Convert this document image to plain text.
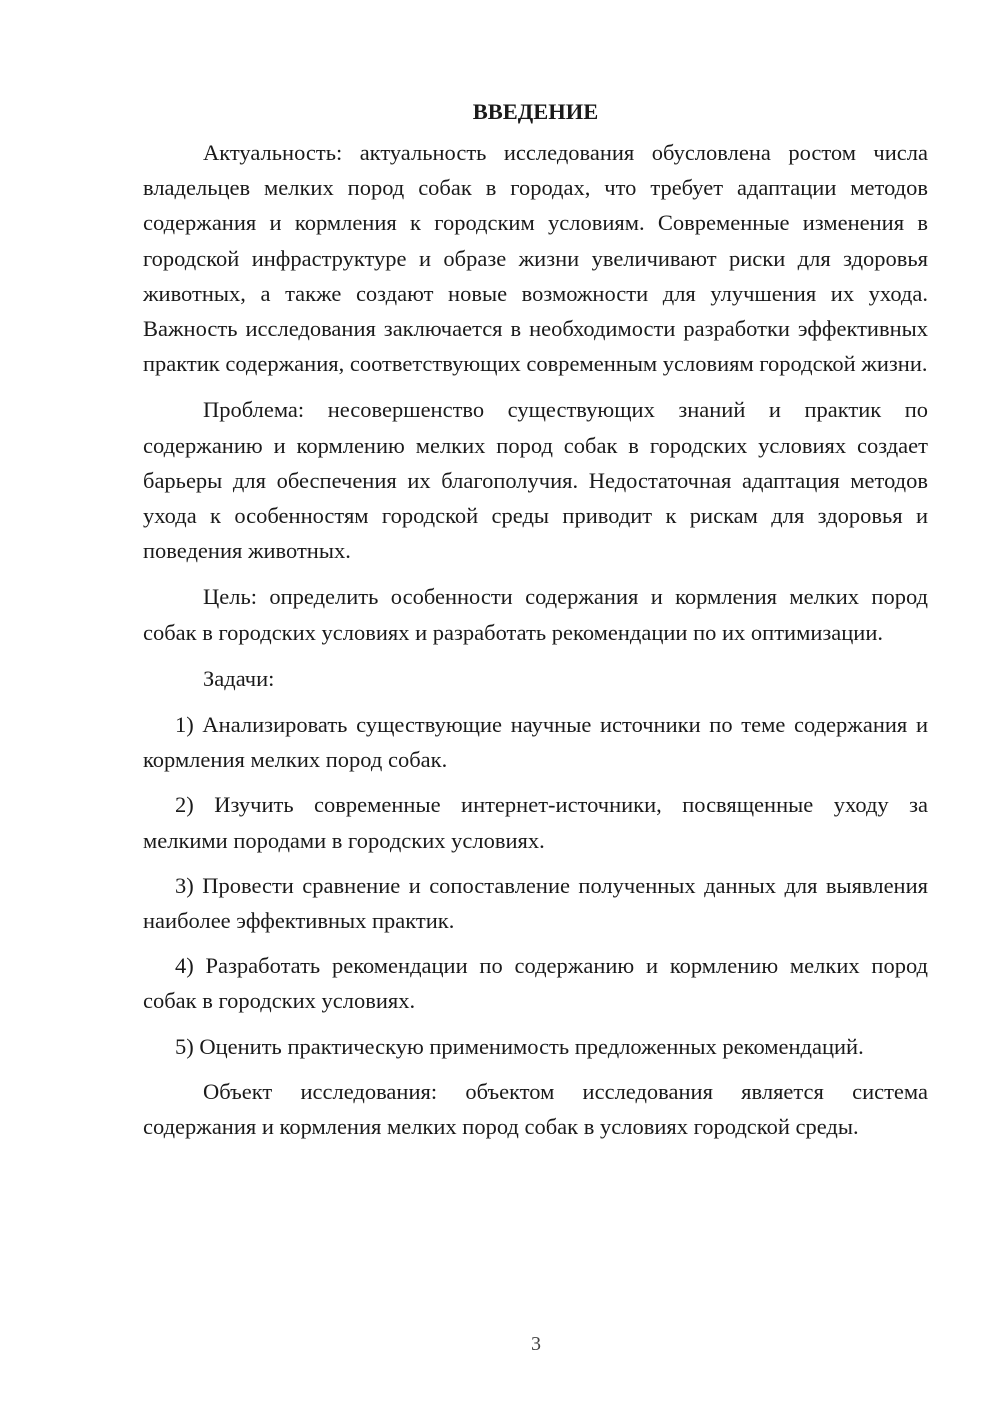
ВВЕДЕНИЕ

Актуальность: актуальность исследования обусловлена ростом числа владельцев мелких пород собак в городах, что требует адаптации методов содержания и кормления к городским условиям. Современные изменения в городской инфраструктуре и образе жизни увеличивают риски для здоровья животных, а также создают новые возможности для улучшения их ухода. Важность исследования заключается в необходимости разработки эффективных практик содержания, соответствующих современным условиям городской жизни.

Проблема: несовершенство существующих знаний и практик по содержанию и кормлению мелких пород собак в городских условиях создает барьеры для обеспечения их благополучия. Недостаточная адаптация методов ухода к особенностям городской среды приводит к рискам для здоровья и поведения животных.

Цель: определить особенности содержания и кормления мелких пород собак в городских условиях и разработать рекомендации по их оптимизации.

Задачи:

1) Анализировать существующие научные источники по теме содержания и кормления мелких пород собак.

2) Изучить современные интернет-источники, посвященные уходу за мелкими породами в городских условиях.

3) Провести сравнение и сопоставление полученных данных для выявления наиболее эффективных практик.

4) Разработать рекомендации по содержанию и кормлению мелких пород собак в городских условиях.

5) Оценить практическую применимость предложенных рекомендаций.

Объект исследования: объектом исследования является система содержания и кормления мелких пород собак в условиях городской среды.

3
